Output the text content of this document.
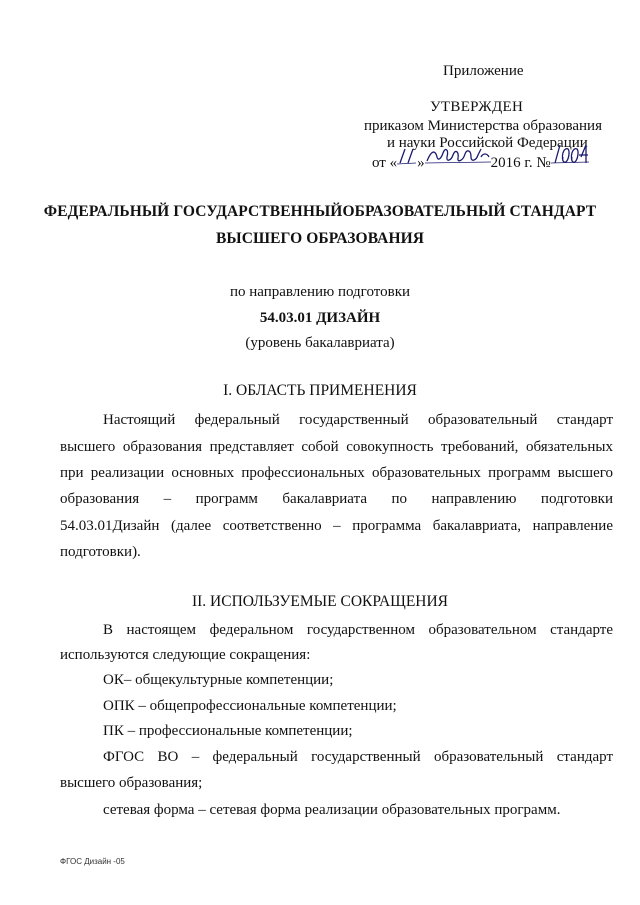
Приложение
УТВЕРЖДЕН
приказом Министерства образования
и науки Российской Федерации
от « »	2016 г. №
ФЕДЕРАЛЬНЫЙ ГОСУДАРСТВЕННЫЙОБРАЗОВАТЕЛЬНЫЙ СТАНДАРТ
ВЫСШЕГО ОБРАЗОВАНИЯ
по направлению подготовки
54.03.01 ДИЗАЙН
(уровень бакалавриата)
I. ОБЛАСТЬ ПРИМЕНЕНИЯ
Настоящий федеральный государственный образовательный стандарт
высшего образования представляет собой совокупность требований, обязательных
при реализации основных профессиональных образовательных программ высшего
образования – программ бакалавриата по направлению подготовки
54.03.01Дизайн (далее соответственно – программа бакалавриата, направление
подготовки).
II. ИСПОЛЬЗУЕМЫЕ СОКРАЩЕНИЯ
В настоящем федеральном государственном образовательном стандарте
используются следующие сокращения:
ОК– общекультурные компетенции;
ОПК – общепрофессиональные компетенции;
ПК – профессиональные компетенции;
ФГОС ВО – федеральный государственный образовательный стандарт
высшего образования;
сетевая форма – сетевая форма реализации образовательных программ.
ФГОС Дизайн -05
